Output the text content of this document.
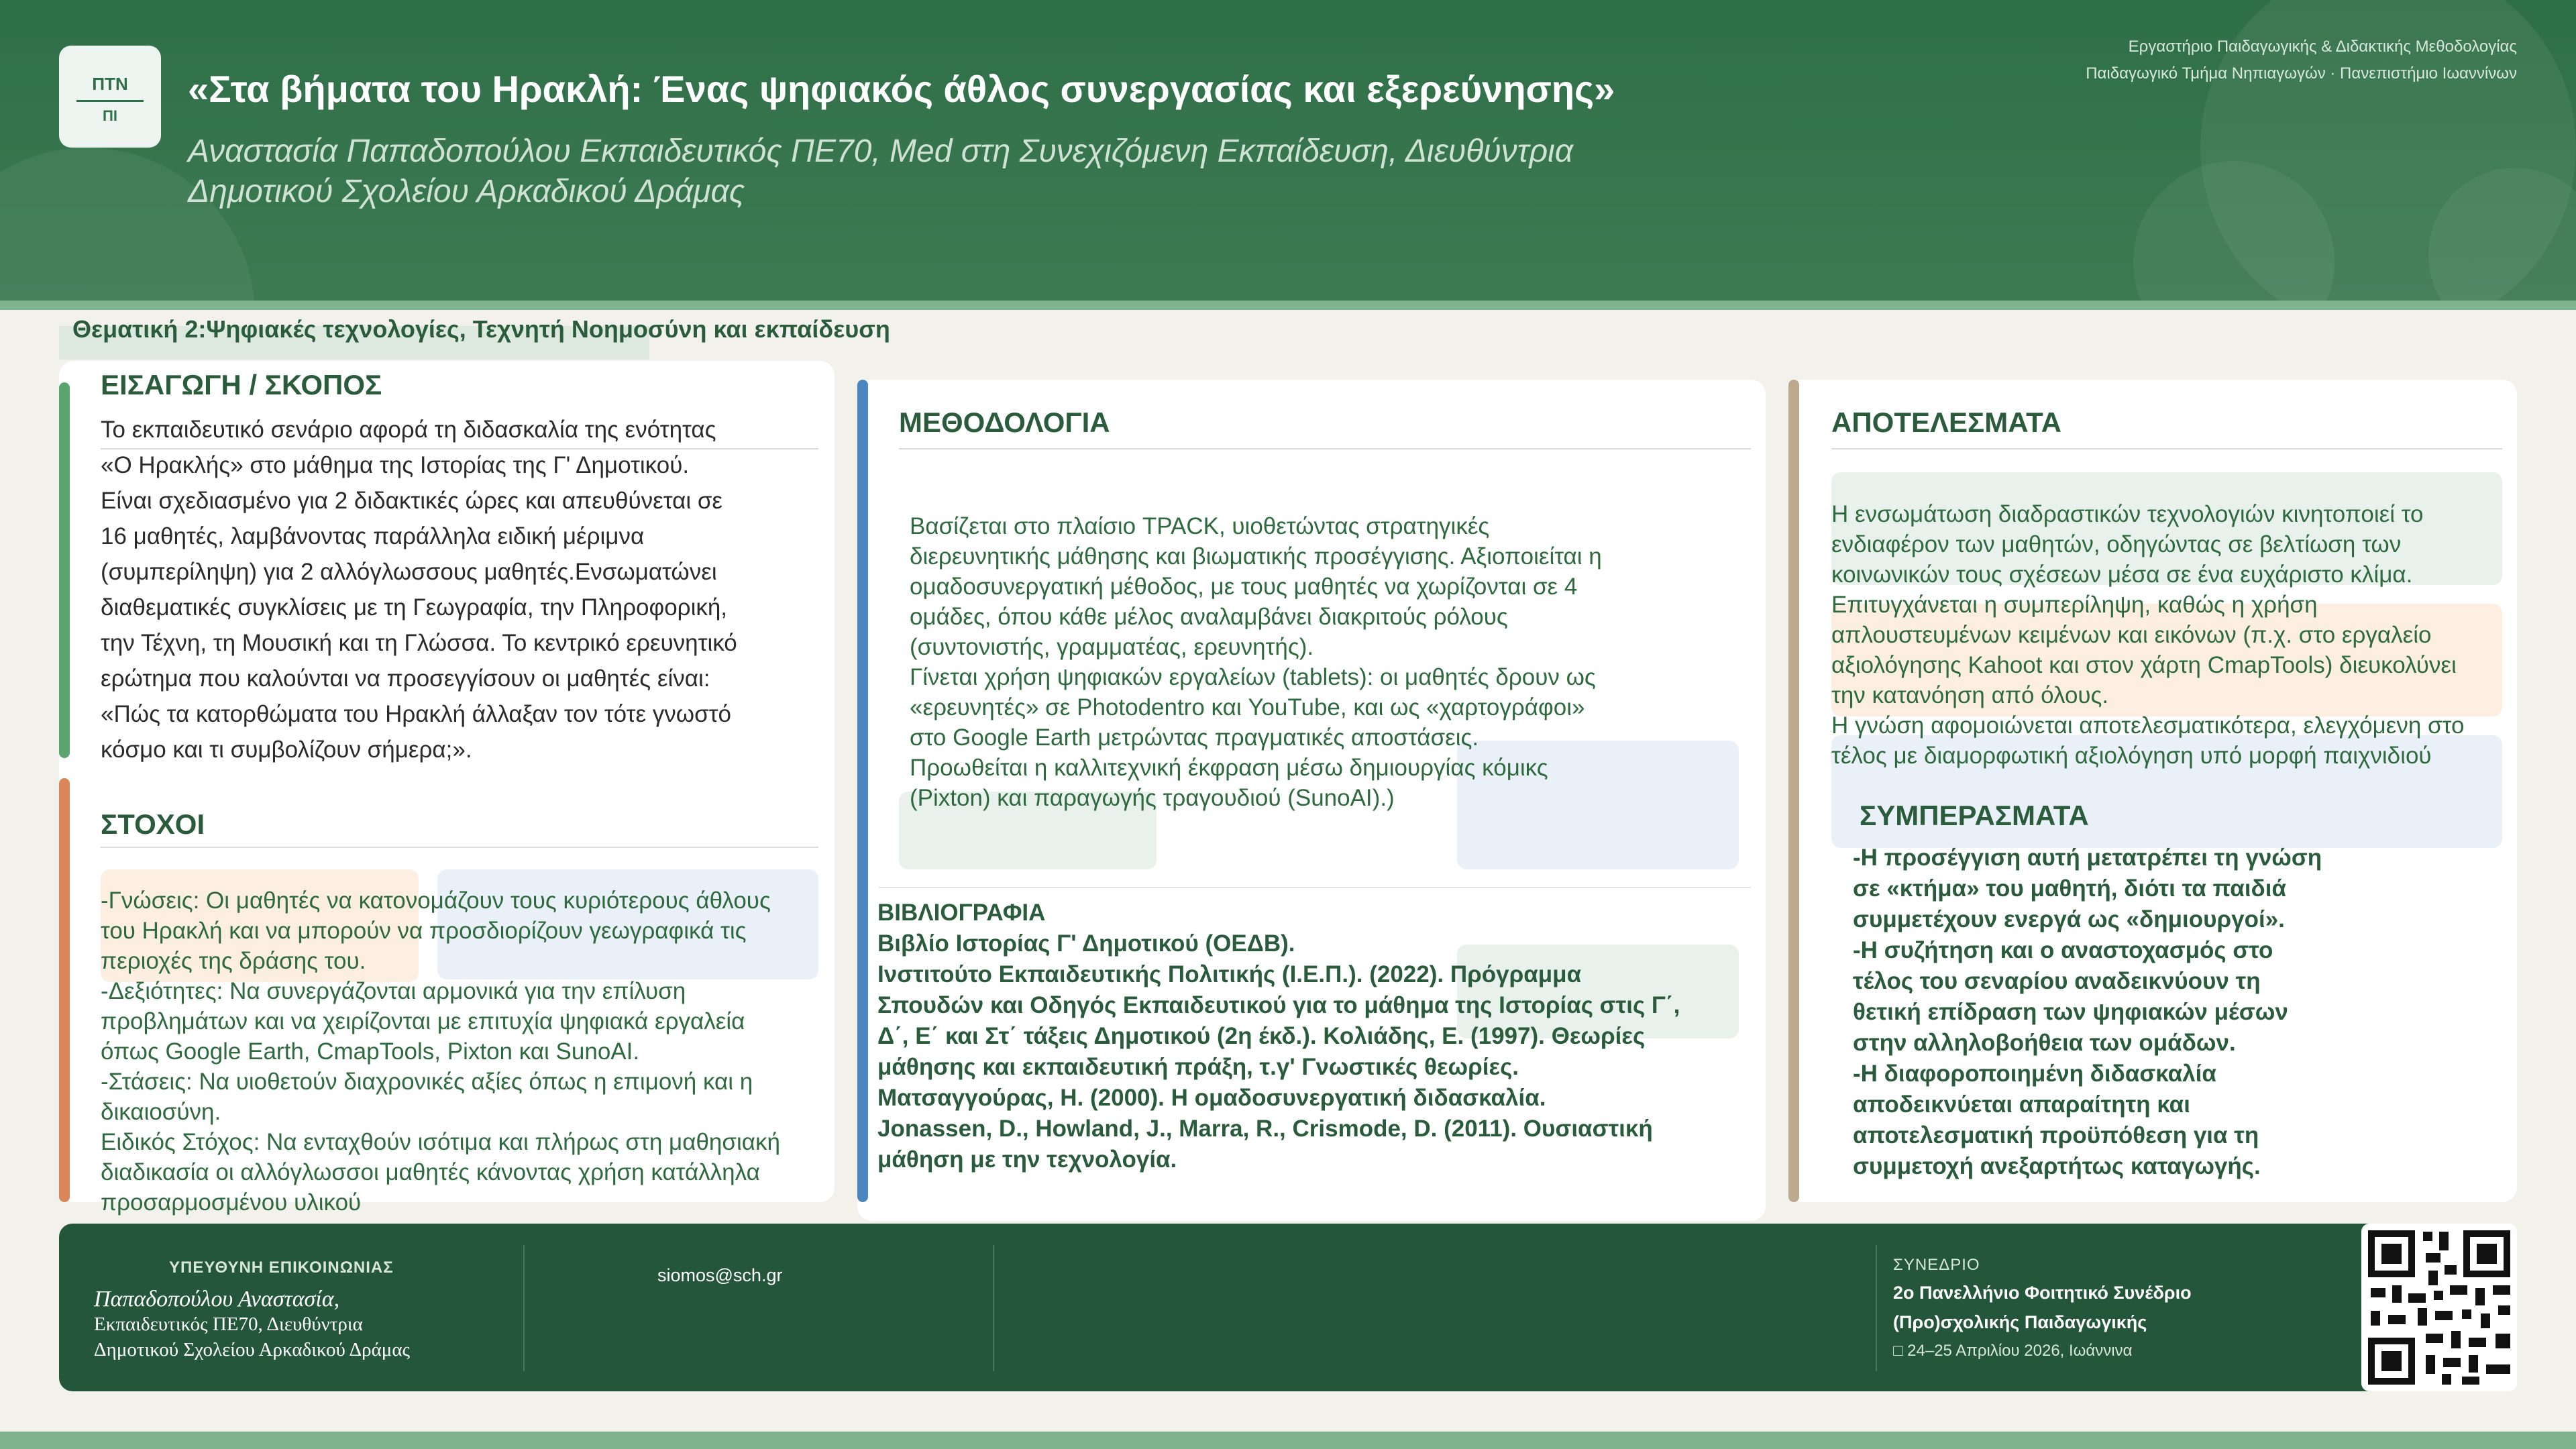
ΠΤΝ
ΠΙ
«Στα βήματα του Ηρακλή: Ένας ψηφιακός άθλος συνεργασίας και εξερεύνησης»
Αναστασία Παπαδοπούλου Εκπαιδευτικός ΠΕ70, Med στη Συνεχιζόμενη Εκπαίδευση, Διευθύντρια
Δημοτικού Σχολείου Αρκαδικού Δράμας
Εργαστήριο Παιδαγωγικής & Διδακτικής Μεθοδολογίας
Παιδαγωγικό Τμήμα Νηπιαγωγών · Πανεπιστήμιο Ιωαννίνων
Θεματική 2:Ψηφιακές τεχνολογίες, Τεχνητή Νοημοσύνη και εκπαίδευση
ΕΙΣΑΓΩΓΗ / ΣΚΟΠΟΣ
Το εκπαιδευτικό σενάριο αφορά τη διδασκαλία της ενότητας
«Ο Ηρακλής» στο μάθημα της Ιστορίας της Γ' Δημοτικού.
Είναι σχεδιασμένο για 2 διδακτικές ώρες και απευθύνεται σε
16 μαθητές, λαμβάνοντας παράλληλα ειδική μέριμνα
(συμπερίληψη) για 2 αλλόγλωσσους μαθητές.Ενσωματώνει
διαθεματικές συγκλίσεις με τη Γεωγραφία, την Πληροφορική,
την Τέχνη, τη Μουσική και τη Γλώσσα. Το κεντρικό ερευνητικό
ερώτημα που καλούνται να προσεγγίσουν οι μαθητές είναι:
«Πώς τα κατορθώματα του Ηρακλή άλλαξαν τον τότε γνωστό
κόσμο και τι συμβολίζουν σήμερα;».
ΣΤΟΧΟΙ
-Γνώσεις: Οι μαθητές να κατονομάζουν τους κυριότερους άθλους
του Ηρακλή και να μπορούν να προσδιορίζουν γεωγραφικά τις
περιοχές της δράσης του.
-Δεξιότητες: Να συνεργάζονται αρμονικά για την επίλυση
προβλημάτων και να χειρίζονται με επιτυχία ψηφιακά εργαλεία
όπως Google Earth, CmapTools, Pixton και SunoAI.
-Στάσεις: Να υιοθετούν διαχρονικές αξίες όπως η επιμονή και η
δικαιοσύνη.
Ειδικός Στόχος: Να ενταχθούν ισότιμα και πλήρως στη μαθησιακή
διαδικασία οι αλλόγλωσσοι μαθητές κάνοντας χρήση κατάλληλα
προσαρμοσμένου υλικού
ΜΕΘΟΔΟΛΟΓΙΑ
Βασίζεται στο πλαίσιο TPACK, υιοθετώντας στρατηγικές
διερευνητικής μάθησης και βιωματικής προσέγγισης. Αξιοποιείται η
ομαδοσυνεργατική μέθοδος, με τους μαθητές να χωρίζονται σε 4
ομάδες, όπου κάθε μέλος αναλαμβάνει διακριτούς ρόλους
(συντονιστής, γραμματέας, ερευνητής).
Γίνεται χρήση ψηφιακών εργαλείων (tablets): οι μαθητές δρουν ως
«ερευνητές» σε Photodentro και YouTube, και ως «χαρτογράφοι»
στο Google Earth μετρώντας πραγματικές αποστάσεις.
Προωθείται η καλλιτεχνική έκφραση μέσω δημιουργίας κόμικς
(Pixton) και παραγωγής τραγουδιού (SunoAI).)
ΒΙΒΛΙΟΓΡΑΦΙΑ
Βιβλίο Ιστορίας Γ' Δημοτικού (ΟΕΔΒ).
Ινστιτούτο Εκπαιδευτικής Πολιτικής (Ι.Ε.Π.). (2022). Πρόγραμμα
Σπουδών και Οδηγός Εκπαιδευτικού για το μάθημα της Ιστορίας στις Γ΄,
Δ΄, Ε΄ και Στ΄ τάξεις Δημοτικού (2η έκδ.). Κολιάδης, Ε. (1997). Θεωρίες
μάθησης και εκπαιδευτική πράξη, τ.γ' Γνωστικές θεωρίες.
Ματσαγγούρας, Η. (2000). Η ομαδοσυνεργατική διδασκαλία.
Jonassen, D., Howland, J., Marra, R., Crismode, D. (2011). Ουσιαστική
μάθηση με την τεχνολογία.
ΑΠΟΤΕΛΕΣΜΑΤΑ
Η ενσωμάτωση διαδραστικών τεχνολογιών κινητοποιεί το
ενδιαφέρον των μαθητών, οδηγώντας σε βελτίωση των
κοινωνικών τους σχέσεων μέσα σε ένα ευχάριστο κλίμα.
Επιτυγχάνεται η συμπερίληψη, καθώς η χρήση
απλουστευμένων κειμένων και εικόνων (π.χ. στο εργαλείο
αξιολόγησης Kahoot και στον χάρτη CmapTools) διευκολύνει
την κατανόηση από όλους.
Η γνώση αφομοιώνεται αποτελεσματικότερα, ελεγχόμενη στο
τέλος με διαμορφωτική αξιολόγηση υπό μορφή παιχνιδιού
ΣΥΜΠΕΡΑΣΜΑΤΑ
-Η προσέγγιση αυτή μετατρέπει τη γνώση
σε «κτήμα» του μαθητή, διότι τα παιδιά
συμμετέχουν ενεργά ως «δημιουργοί».
-Η συζήτηση και ο αναστοχασμός στο
τέλος του σεναρίου αναδεικνύουν τη
θετική επίδραση των ψηφιακών μέσων
στην αλληλοβοήθεια των ομάδων.
-Η διαφοροποιημένη διδασκαλία
αποδεικνύεται απαραίτητη και
αποτελεσματική προϋπόθεση για τη
συμμετοχή ανεξαρτήτως καταγωγής.
ΥΠΕΥΘΥΝΗ ΕΠΙΚΟΙΝΩΝΙΑΣ
Παπαδοπούλου Αναστασία,
Εκπαιδευτικός ΠΕ70, Διευθύντρια
Δημοτικού Σχολείου Αρκαδικού Δράμας
siomos@sch.gr
ΣΥΝΕΔΡΙΟ
2ο Πανελλήνιο Φοιτητικό Συνέδριο
(Προ)σχολικής Παιδαγωγικής
□ 24–25 Απριλίου 2026, Ιωάννινα
